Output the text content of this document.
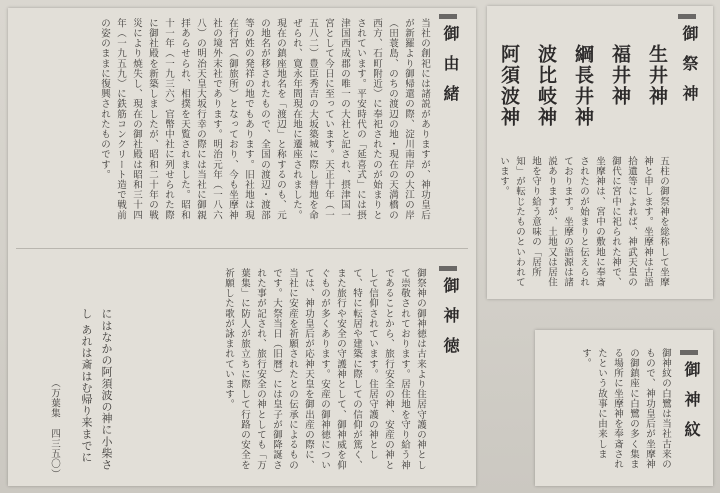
御祭神
生井神
福井神
綱長井神
波比岐神
阿須波神
五柱の御祭神を総称して坐摩神と申します。坐摩神は古語拾遺等によれば、神武天皇の御代に宮中に祀られた神で、坐摩神は、宮中の敷地に奉斎されたのが始まりと伝えられております。坐摩の語源は諸説ありますが、土地又は居住地を守り給う意味の「居所知」が転じたものといわれています。
御神紋
御神紋の白鷺は当社古来のもので、神功皇后が坐摩神の御鎮座に白鷺の多く集まる場所に坐摩神を奉斎されたという故事に由来します。
御由緒
当社の創祀には諸説がありますが、神功皇后が新羅より御帰還の際、淀川南岸の大江の岸（田蓑島、のちの渡辺の地・現在の天満橋の西方、石町附近）に奉祀されたのが始まりとされています。平安時代の「延喜式」には摂津国西成郡の唯一の大社と記され、摂津国一宮として今日に至っています。天正十年（一五八二）豊臣秀吉の大坂築城に際し替地を命ぜられ、寛永年間現在地に遷座されました。現在の鎮座地名を「渡辺」と称するのも、元の地名が移されたもので、全国の渡辺・渡部等の姓の発祥の地でもあります。旧社地は現在行宮（御旅所）となっており、今も坐摩神社の境外末社であります。明治元年（一八六八）の明治天皇大坂行幸の際には当社に御親拝あらせられ、相撲を天覧されました。昭和十一年（一九三六）官幣中社に列せられた際に御社殿を新築しましたが、昭和二十年の戦災により焼失し、現在の御社殿は昭和三十四年（一九五九）に鉄筋コンクリート造で戦前の姿のままに復興されたものです。
御神徳
御祭神の御神徳は古来より住居守護の神として崇敬されております。居住地を守り給う神であることから、旅行安全の神、安産の神として信仰されています。住居守護の神として、特に転居や建築に際しての信仰が篤く、また旅行や安全の守護神として、御神威を仰ぐものが多くあります。安産の御神徳については、神功皇后が応神天皇を御出産の際に、当社に安産を祈願されたとの伝承によるものです。大祭当日（旧暦）には皇子が御降誕された事が記され、旅行安全の神としても「万葉集」に防人が旅立ちに際して行路の安全を祈願した歌が詠まれています。
にはなかの阿須波の神に小柴さし あれは斎はむ帰り来までに
（万葉集　四三五〇）
